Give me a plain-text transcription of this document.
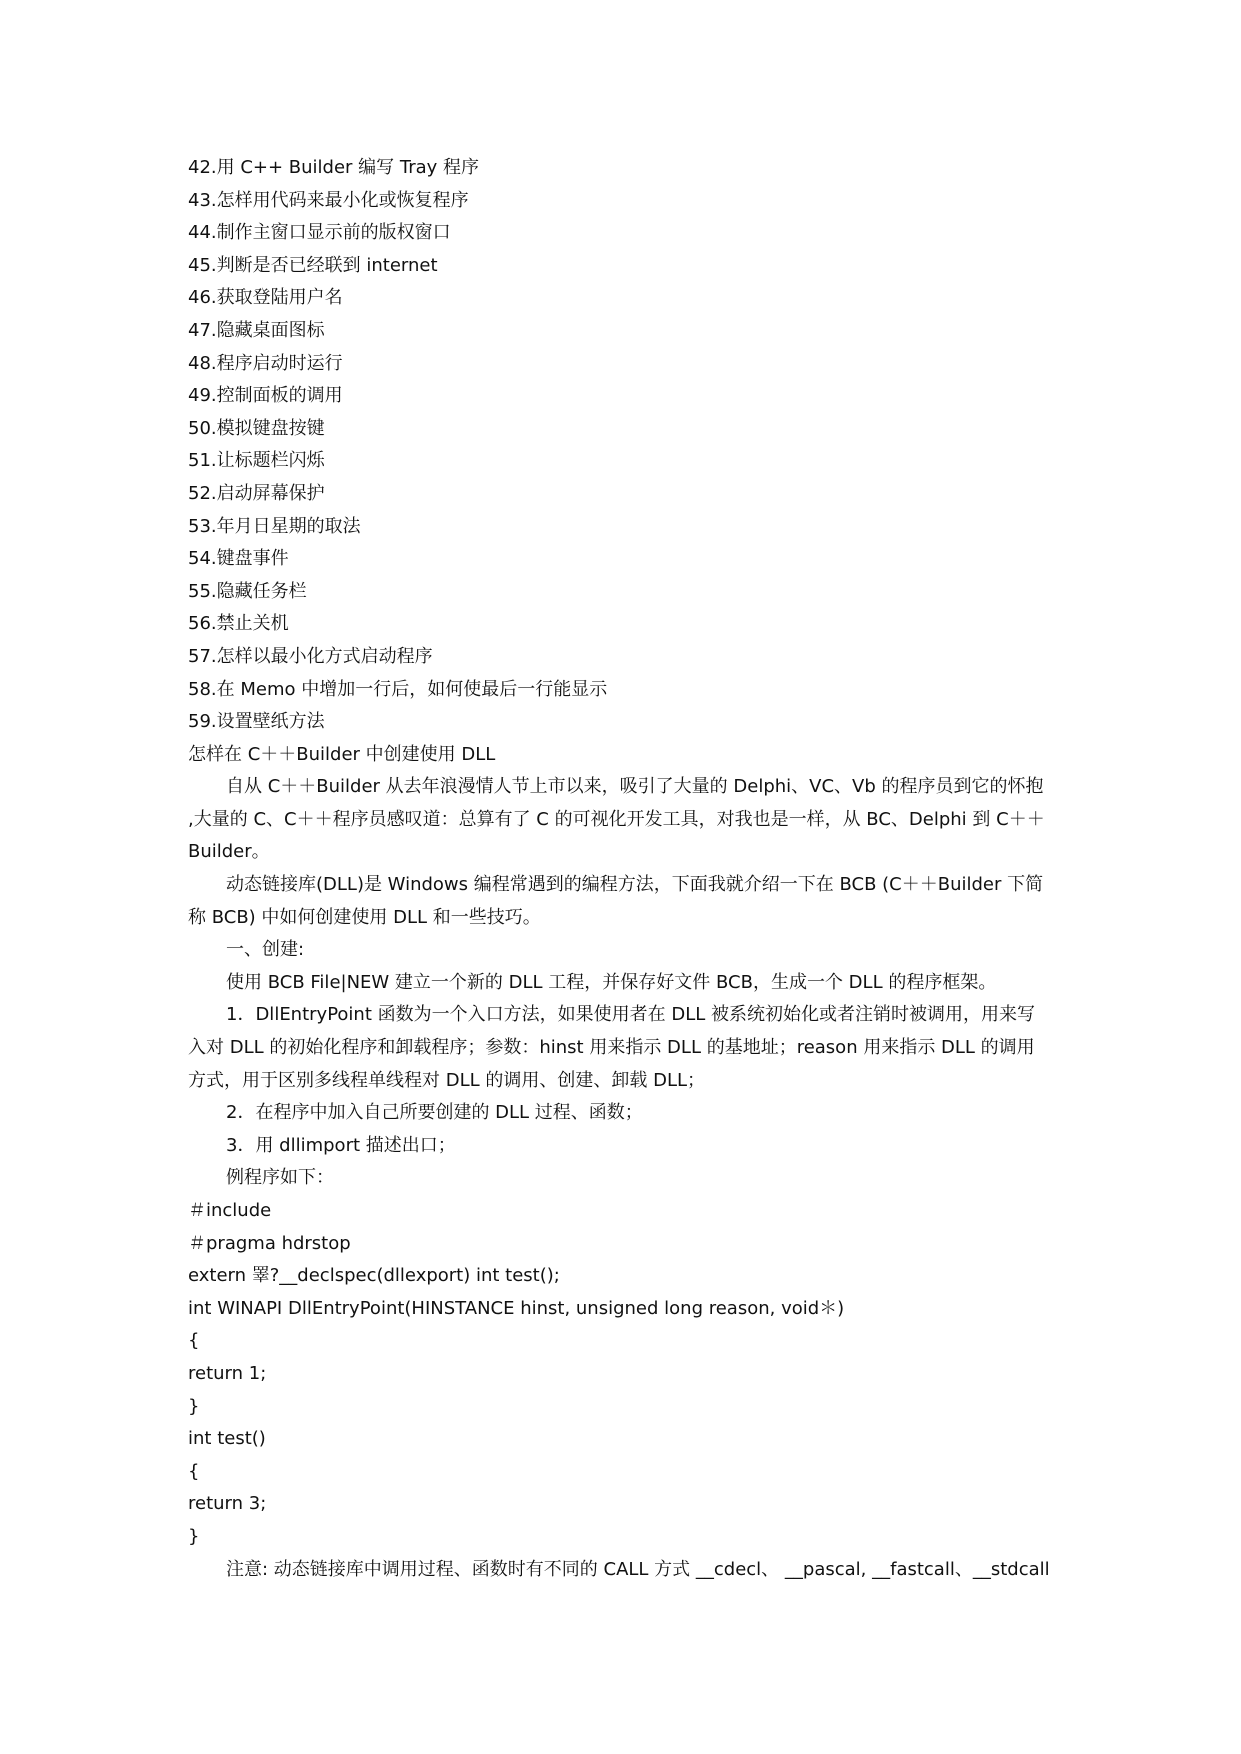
42.用 C++ Builder 编写 Tray 程序
43.怎样用代码来最小化或恢复程序
44.制作主窗口显示前的版权窗口
45.判断是否已经联到 internet
46.获取登陆用户名
47.隐藏桌面图标
48.程序启动时运行
49.控制面板的调用
50.模拟键盘按键
51.让标题栏闪烁
52.启动屏幕保护
53.年月日星期的取法
54.键盘事件
55.隐藏任务栏
56.禁止关机
57.怎样以最小化方式启动程序
58.在 Memo 中增加一行后，如何使最后一行能显示
59.设置壁纸方法
怎样在 C＋＋Builder 中创建使用 DLL
自从 C＋＋Builder 从去年浪漫情人节上市以来，吸引了大量的 Delphi、VC、Vb 的程序员到它的怀抱
,大量的 C、C＋＋程序员感叹道：总算有了 C 的可视化开发工具，对我也是一样，从 BC、Delphi 到 C＋＋
Builder。
动态链接库(DLL)是 Windows 编程常遇到的编程方法，下面我就介绍一下在 BCB (C＋＋Builder 下简
称 BCB) 中如何创建使用 DLL 和一些技巧。
一、创建:
使用 BCB File|NEW 建立一个新的 DLL 工程，并保存好文件 BCB，生成一个 DLL 的程序框架。
1．DllEntryPoint 函数为一个入口方法，如果使用者在 DLL 被系统初始化或者注销时被调用，用来写
入对 DLL 的初始化程序和卸载程序；参数：hinst 用来指示 DLL 的基地址；reason 用来指示 DLL 的调用
方式，用于区别多线程单线程对 DLL 的调用、创建、卸载 DLL；
2．在程序中加入自己所要创建的 DLL 过程、函数；
3．用 dllimport 描述出口；
例程序如下：
＃include
＃pragma hdrstop
extern 睪?__declspec(dllexport) int test();
int WINAPI DllEntryPoint(HINSTANCE hinst, unsigned long reason, void＊)
{
return 1;
}
int test()
{
return 3;
}
注意: 动态链接库中调用过程、函数时有不同的 CALL 方式 __cdecl、 __pascal, __fastcall、__stdcall
